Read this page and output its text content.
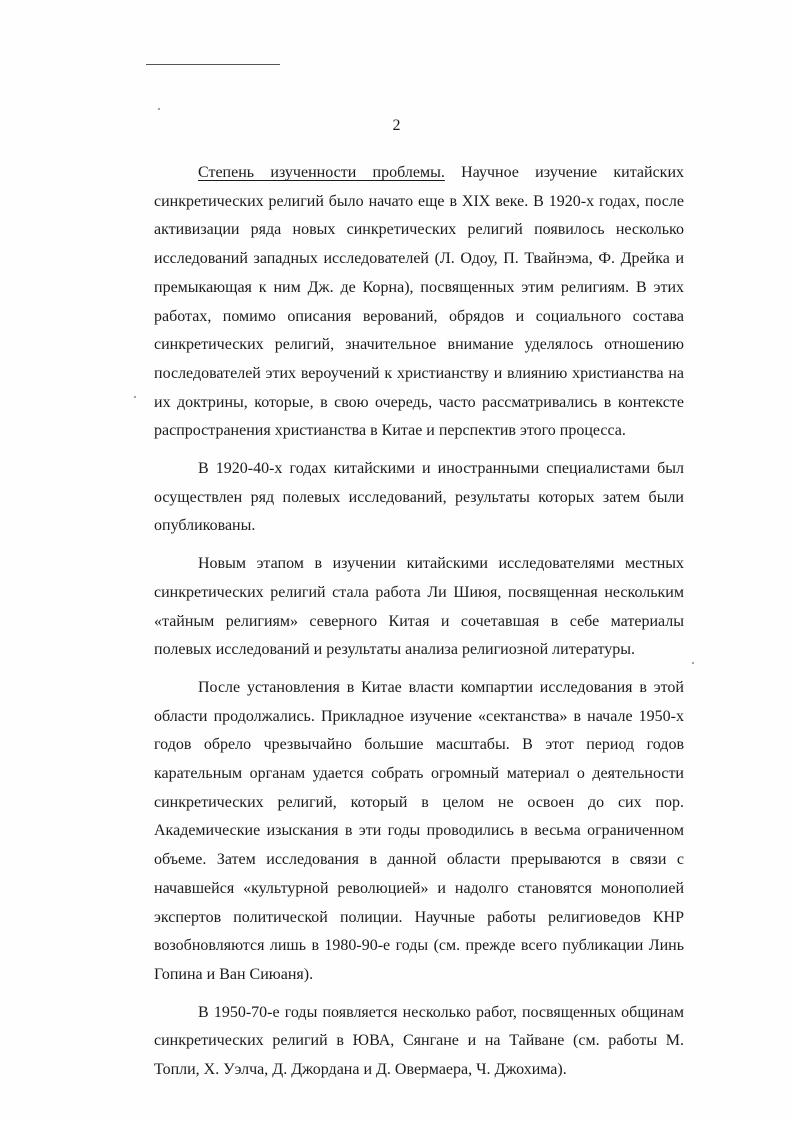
2

Степень изученности проблемы. Научное изучение китайских синкретических религий было начато еще в XIX веке. В 1920-х годах, после активизации ряда новых синкретических религий появилось несколько исследований западных исследователей (Л. Одоу, П. Твайнэма, Ф. Дрейка и премыкающая к ним Дж. де Корна), посвященных этим религиям. В этих работах, помимо описания верований, обрядов и социального состава синкретических религий, значительное внимание уделялось отношению последователей этих вероучений к христианству и влиянию христианства на их доктрины, которые, в свою очередь, часто рассматривались в контексте распространения христианства в Китае и перспектив этого процесса.

В 1920-40-х годах китайскими и иностранными специалистами был осуществлен ряд полевых исследований, результаты которых затем были опубликованы.

Новым этапом в изучении китайскими исследователями местных синкретических религий стала работа Ли Шиюя, посвященная нескольким «тайным религиям» северного Китая и сочетавшая в себе материалы полевых исследований и результаты анализа религиозной литературы.

После установления в Китае власти компартии исследования в этой области продолжались. Прикладное изучение «сектанства» в начале 1950-х годов обрело чрезвычайно большие масштабы. В этот период годов карательным органам удается собрать огромный материал о деятельности синкретических религий, который в целом не освоен до сих пор. Академические изыскания в эти годы проводились в весьма ограниченном объеме. Затем исследования в данной области прерываются в связи с начавшейся «культурной революцией» и надолго становятся монополией экспертов политической полиции. Научные работы религиоведов КНР возобновляются лишь в 1980-90-е годы (см. прежде всего публикации Линь Гопина и Ван Сиюаня).

В 1950-70-е годы появляется несколько работ, посвященных общинам синкретических религий в ЮВА, Сянгане и на Тайване (см. работы М. Топли, Х. Уэлча, Д. Джордана и Д. Овермаера, Ч. Джохима).
